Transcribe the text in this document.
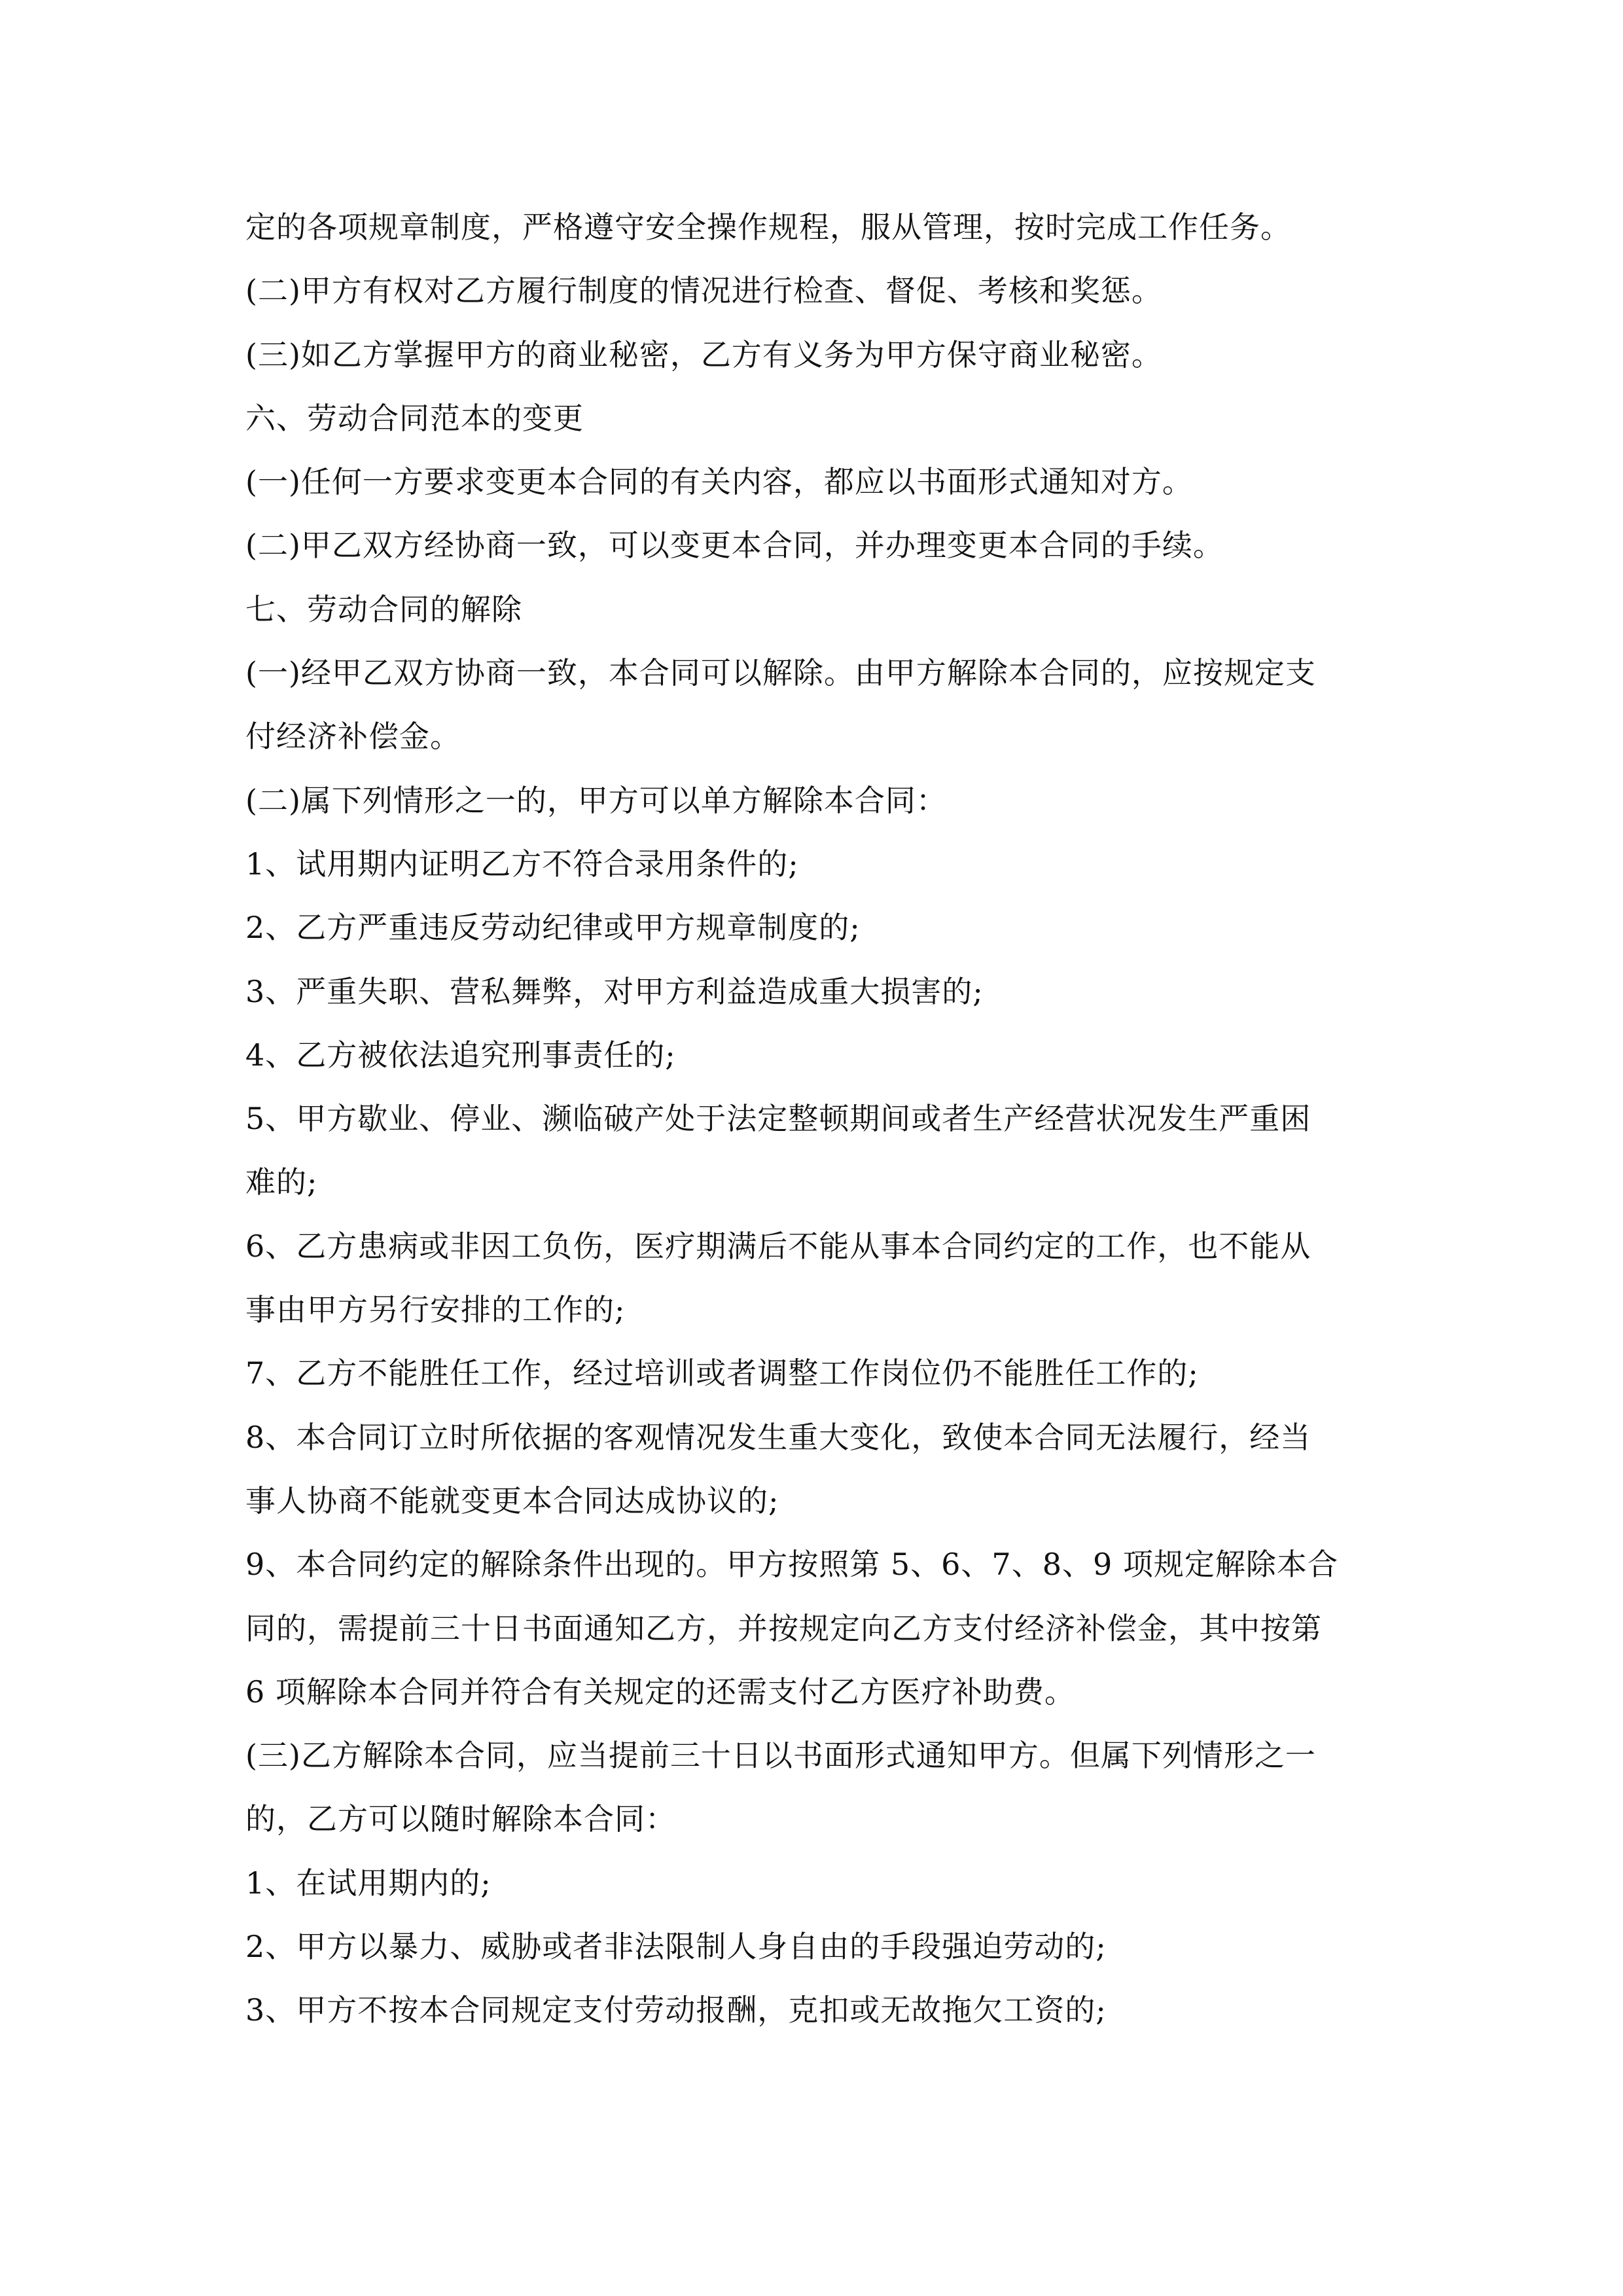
定的各项规章制度，严格遵守安全操作规程，服从管理，按时完成工作任务。
(二)甲方有权对乙方履行制度的情况进行检查、督促、考核和奖惩。
(三)如乙方掌握甲方的商业秘密，乙方有义务为甲方保守商业秘密。
六、劳动合同范本的变更
(一)任何一方要求变更本合同的有关内容，都应以书面形式通知对方。
(二)甲乙双方经协商一致，可以变更本合同，并办理变更本合同的手续。
七、劳动合同的解除
(一)经甲乙双方协商一致，本合同可以解除。由甲方解除本合同的，应按规定支
付经济补偿金。
(二)属下列情形之一的，甲方可以单方解除本合同：
1、试用期内证明乙方不符合录用条件的;
2、乙方严重违反劳动纪律或甲方规章制度的;
3、严重失职、营私舞弊，对甲方利益造成重大损害的;
4、乙方被依法追究刑事责任的;
5、甲方歇业、停业、濒临破产处于法定整顿期间或者生产经营状况发生严重困
难的;
6、乙方患病或非因工负伤，医疗期满后不能从事本合同约定的工作，也不能从
事由甲方另行安排的工作的;
7、乙方不能胜任工作，经过培训或者调整工作岗位仍不能胜任工作的;
8、本合同订立时所依据的客观情况发生重大变化，致使本合同无法履行，经当
事人协商不能就变更本合同达成协议的;
9、本合同约定的解除条件出现的。甲方按照第 5、6、7、8、9 项规定解除本合
同的，需提前三十日书面通知乙方，并按规定向乙方支付经济补偿金，其中按第
6 项解除本合同并符合有关规定的还需支付乙方医疗补助费。
(三)乙方解除本合同，应当提前三十日以书面形式通知甲方。但属下列情形之一
的，乙方可以随时解除本合同：
1、在试用期内的;
2、甲方以暴力、威胁或者非法限制人身自由的手段强迫劳动的;
3、甲方不按本合同规定支付劳动报酬，克扣或无故拖欠工资的;
